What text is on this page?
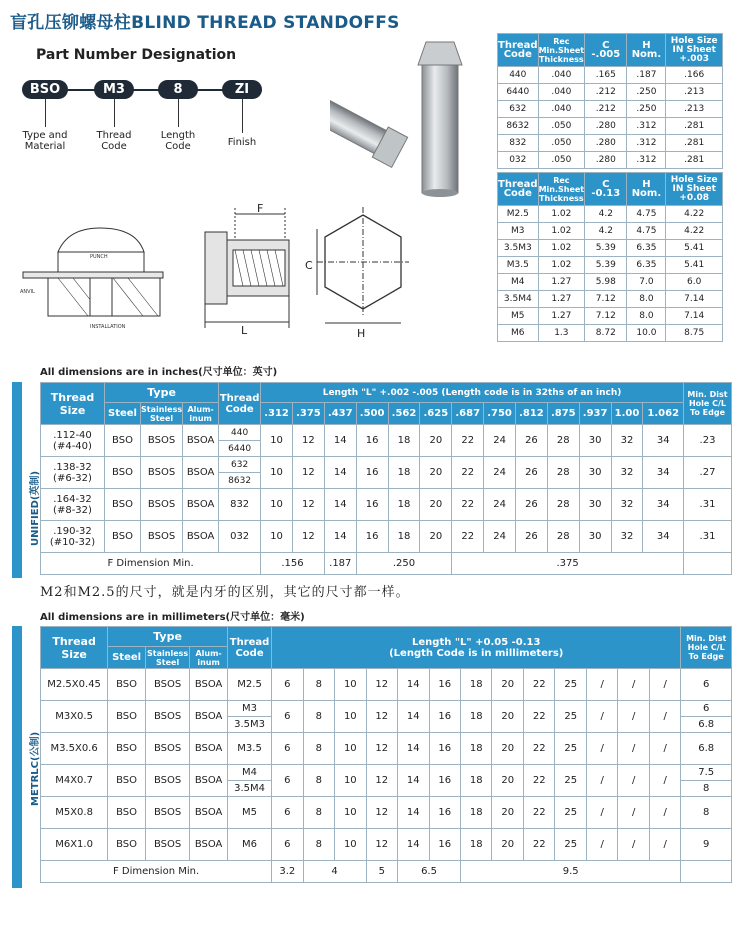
盲孔压铆螺母柱BLIND THREAD STANDOFFS
Part Number Designation
BSO	M3	8	ZI
Type and
Material
Thread
Code
Length
Code	Finish
PUNCH
ANVIL
INSTALLATION
F
L
C
H
Thread
Code	Rec
Min.Sheet
Thickness	C
-.005	H
Nom.	Hole Size
IN Sheet
+.003
440	.040	.165	.187	.166
6440	.040	.212	.250	.213
632	.040	.212	.250	.213
8632	.050	.280	.312	.281
832	.050	.280	.312	.281
032	.050	.280	.312	.281
Thread
Code	Rec
Min.Sheet
Thickness	C
-0.13	H
Nom.	Hole Size
IN Sheet
+0.08
M2.5	1.02	4.2	4.75	4.22
M3	1.02	4.2	4.75	4.22
3.5M3	1.02	5.39	6.35	5.41
M3.5	1.02	5.39	6.35	5.41
M4	1.27	5.98	7.0	6.0
3.5M4	1.27	7.12	8.0	7.14
M5	1.27	7.12	8.0	7.14
M6	1.3	8.72	10.0	8.75
All dimensions are in inches(尺寸单位：英寸)
UNIFIED(英制)
Thread
Size	Type			Thread
Code	Length "L" +.002 -.005 (Length code is in 32ths of an inch)													Min. Dist
Hole C/L
To Edge
	Steel	Stainless
Steel	Alum-
inum		.312	.375	.437	.500	.562	.625	.687	.750	.812	.875	.937	1.00	1.062	
.112-40
(#4-40)	BSO	BSOS	BSOA	440	10	12	14	16	18	20	22	24	26	28	30	32	34	.23
				6440														
.138-32
(#6-32)	BSO	BSOS	BSOA	632	10	12	14	16	18	20	22	24	26	28	30	32	34	.27
				8632														
.164-32
(#8-32)	BSO	BSOS	BSOA	832	10	12	14	16	18	20	22	24	26	28	30	32	34	.31
.190-32
(#10-32)	BSO	BSOS	BSOA	032	10	12	14	16	18	20	22	24	26	28	30	32	34	.31
F Dimension Min.					.156		.187	.250			.375							
M2和M2.5的尺寸，就是内牙的区别，其它的尺寸都一样。
All dimensions are in millimeters(尺寸单位：毫米)
METRLC(公制)
Thread
Size	Type			Thread
Code	Length "L" +0.05 -0.13
(Length Code is in millimeters)													Min. Dist
Hole C/L
To Edge
	Steel	Stainless
Steel	Alum-
inum															
M2.5X0.45	BSO	BSOS	BSOA	M2.5	6	8	10	12	14	16	18	20	22	25	/	/	/	6
M3X0.5	BSO	BSOS	BSOA	M3	6	8	10	12	14	16	18	20	22	25	/	/	/	6
				3.5M3														6.8
M3.5X0.6	BSO	BSOS	BSOA	M3.5	6	8	10	12	14	16	18	20	22	25	/	/	/	6.8
M4X0.7	BSO	BSOS	BSOA	M4	6	8	10	12	14	16	18	20	22	25	/	/	/	7.5
				3.5M4														8
M5X0.8	BSO	BSOS	BSOA	M5	6	8	10	12	14	16	18	20	22	25	/	/	/	8
M6X1.0	BSO	BSOS	BSOA	M6	6	8	10	12	14	16	18	20	22	25	/	/	/	9
F Dimension Min.					3.2	4		5	6.5		9.5							
